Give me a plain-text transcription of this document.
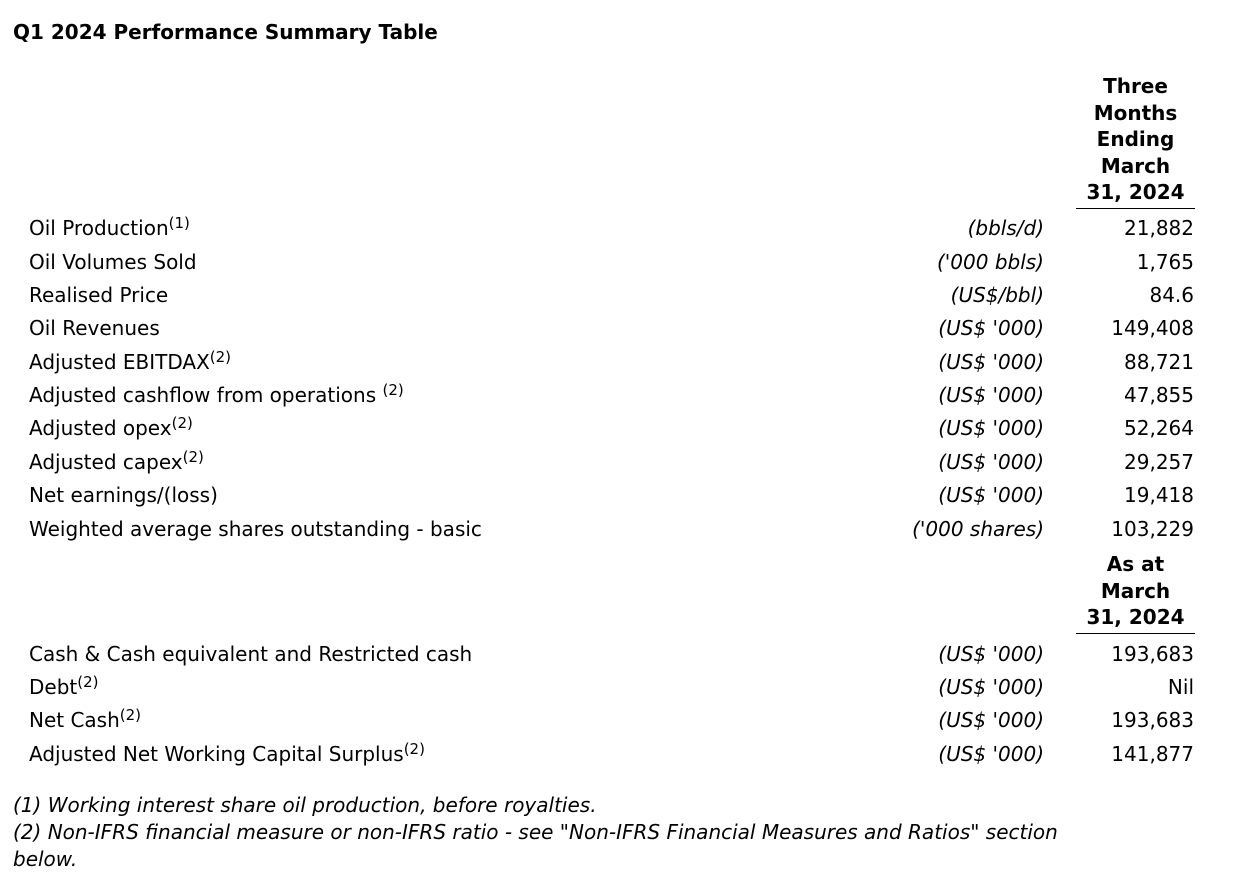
Q1 2024 Performance Summary Table
Three
Months
Ending
March
31, 2024
Oil Production$^{(1)}$	(bbls/d)	21,882
Oil Volumes Sold	('000 bbls)	1,765
Realised Price	(US$/bbl)	84.6
Oil Revenues	(US$ '000)	149,408
Adjusted EBITDAX$^{(2)}$	(US$ '000)	88,721
Adjusted cashflow from operations $^{(2)}$	(US$ '000)	47,855
Adjusted opex$^{(2)}$	(US$ '000)	52,264
Adjusted capex$^{(2)}$	(US$ '000)	29,257
Net earnings/(loss)	(US$ '000)	19,418
Weighted average shares outstanding - basic	('000 shares)	103,229
As at
March
31, 2024
Cash & Cash equivalent and Restricted cash	(US$ '000)	193,683
Debt$^{(2)}$	(US$ '000)	Nil
Net Cash$^{(2)}$	(US$ '000)	193,683
Adjusted Net Working Capital Surplus$^{(2)}$	(US$ '000)	141,877
(1) Working interest share oil production, before royalties.
(2) Non-IFRS financial measure or non-IFRS ratio - see "Non-IFRS Financial Measures and Ratios" section
below.
